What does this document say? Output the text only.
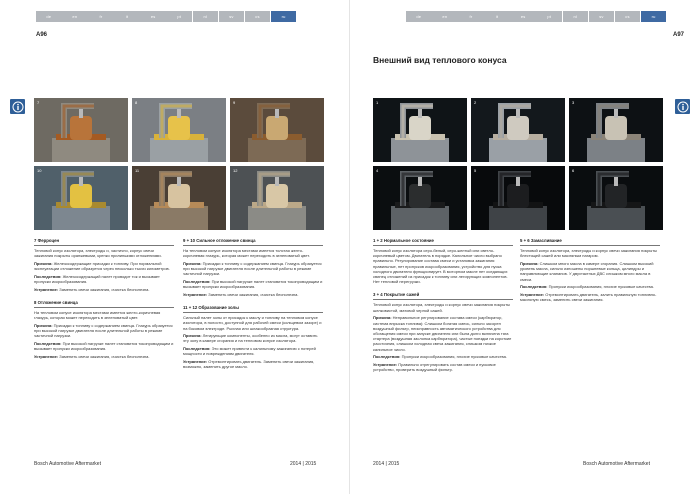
de	en	fr	it	es	pt	nl	sv	cs	ru
A96
7	8	9
10	11	12
7 Ферроцен
Тепловой конус изолятора, электроды и, частично, корпус свечи зажигания покрыты оранжевыми, крепко прилипшими отложениями.
Причина: Железосодержащие присадки к топливу. При нормальной эксплуатации отложение образуется через несколько тысяч километров.
Последствия: Железосодержащий налет проводит ток и вызывает пропуски искрообразования.
Устранение: Заменить свечи зажигания, очистка бесполезна.
8 Отложение свинца
На тепловом конусе изолятора местами имеется желто-коричневая глазурь, которая может переходить в зеленоватый цвет.
Причина: Присадки к топливу с содержанием свинца. Глазурь образуется при высокой нагрузке двигателя после длительной работы в режиме частичной нагрузки.
Последствия: При высокой нагрузке налет становится токопроводящим и вызывает пропуски искрообразования.
Устранение: Заменить свечи зажигания, очистка бесполезна.
9 + 10 Сильное отложение свинца
На тепловом конусе изолятора местами имеется толстая желто-коричневая глазурь, которая может переходить в зеленоватый цвет.
Причина: Присадки к топливу с содержанием свинца. Глазурь образуется при высокой нагрузке двигателя после длительной работы в режиме частичной нагрузки.
Последствия: При высокой нагрузке налет становится токопроводящим и вызывает пропуски искрообразования.
Устранение: Заменить свечи зажигания, очистка бесполезна.
11 + 12 Образование золы
Сильный налет золы от присадок к маслу и топливу на тепловом конусе изолятора, в полости, доступной для рабочей смеси (кольцевом зазоре) и на боковом электроде. Рыхлая или шлакообразная структура.
Причина: Легирующие компоненты, особенно из масла, могут оставить эту золу в камере сгорания и на тепловом конусе изолятора.
Последствия: Это может привести к калильному зажиганию с потерей мощности и повреждениям двигателя.
Устранение: Отремонтировать двигатель. Заменить свечи зажигания, возможно, заменить другое масло.
Bosch Automotive Aftermarket	2014 | 2015
de	en	fr	it	es	pt	nl	sv	cs	ru
A97
Внешний вид теплового конуса
1	2	3
4	5	6
1 + 2 Нормальное состояние
Тепловой конус изолятора серо-белый, серо-желтый или светло-коричневый цветом. Двигатель в порядке. Калильное число выбрано правильно. Регулирование состава смеси и установка зажигания правильные, нет пропусков искрообразования, устройство для пуска холодного двигателя функционирует. В моторном масле нет оседающих свинец отложений из присадок к топливу или легирующих компонентов. Нет тепловой перегрузки.
3 + 4 Покрытие сажей
Тепловой конус изолятора, электроды и корпус свечи зажигания покрыты шелковистой, матовой черной сажей.
Причина: Неправильное регулирование состава смеси (карбюратор, система впрыска топлива): Слишком богатая смесь, сильно засорен воздушный фильтр, неисправность автоматического устройства для обогащения смеси при запуске двигателя или была долго включена тяга стартера (воздушная заслонка карбюратора), частые поездки на короткие расстояния, слишком холодная свеча зажигания, слишком низкое калильное число.
Последствия: Пропуски искрообразования, плохие пусковые качества.
Устранение: Правильно отрегулировать состав смеси и пусковое устройство, проверить воздушный фильтр.
5 + 6 Замасливание
Тепловой конус изолятора, электроды и корпус свечи зажигания покрыты блестящей сажей или масляным нагаром.
Причина: Слишком много масла в камере сгорания. Слишком высокий уровень масла, сильно изношены поршневые кольца, цилиндры и направляющие клапанов. У двухтактных ДВС слишком много масла в смеси.
Последствия: Пропуски искрообразования, плохие пусковые качества.
Устранение: Отремонтировать двигатель, залить правильную топливно-масляную смесь, заменить свечи зажигания.
2014 | 2015	Bosch Automotive Aftermarket
